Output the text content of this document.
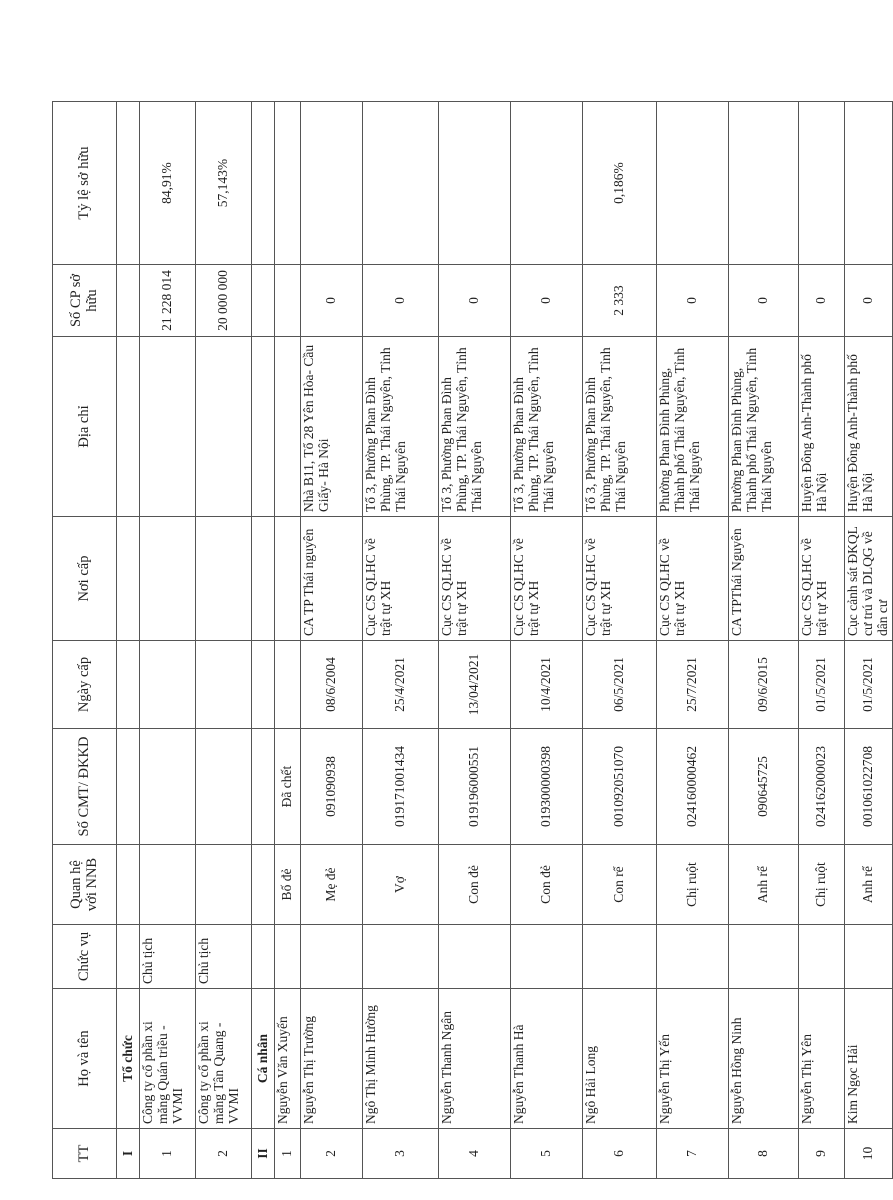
TT	Họ và tên	Chức vụ	Quan hệ với NNB	Số CMT/ ĐKKD	Ngày cấp	Nơi cấp	Địa chỉ	Số CP sở hữu	Tỷ lệ sở hữu
I	Tổ chức								
1	Công ty cổ phần xi măng Quán triều - VVMI	Chủ tịch						21 228 014	84,91%
2	Công ty cổ phần xi măng Tân Quang - VVMI	Chủ tịch						20 000 000	57,143%
II	Cá nhân								
1	Nguyễn Văn Xuyến		Bố đẻ	Đã chết					
2	Nguyễn Thị Trường		Mẹ đẻ	091090938	08/6/2004	CA TP Thái nguyên	Nhà B11, Tổ 28 Yên Hòa- Cầu Giấy- Hà Nội	0	
3	Ngô Thị Minh Hường		Vợ	019171001434	25/4/2021	Cục CS QLHC về trật tự XH	Tổ 3, Phường Phan Đình Phùng, TP. Thái Nguyên, Tỉnh Thái Nguyên	0	
4	Nguyễn Thanh Ngân		Con đẻ	019196000551	13/04/2021	Cục CS QLHC về trật tự XH	Tổ 3, Phường Phan Đình Phùng, TP. Thái Nguyên, Tỉnh Thái Nguyên	0	
5	Nguyễn Thanh Hà		Con đẻ	019300000398	10/4/2021	Cục CS QLHC về trật tự XH	Tổ 3, Phường Phan Đình Phùng, TP. Thái Nguyên, Tỉnh Thái Nguyên	0	
6	Ngô Hải Long		Con rể	001092051070	06/5/2021	Cục CS QLHC về trật tự XH	Tổ 3, Phường Phan Đình Phùng, TP. Thái Nguyên, Tỉnh Thái Nguyên	2 333	0,186%
7	Nguyễn Thị Yến		Chị ruột	024160000462	25/7/2021	Cục CS QLHC về trật tự XH	Phường Phan Đình Phùng, Thành phố Thái Nguyên, Tỉnh Thái Nguyên	0	
8	Nguyễn Hồng Ninh		Anh rể	090645725	09/6/2015	CA TPThái Nguyên	Phường Phan Đình Phùng, Thành phố Thái Nguyên, Tỉnh Thái Nguyên	0	
9	Nguyễn Thị Yên		Chị ruột	024162000023	01/5/2021	Cục CS QLHC về trật tự XH	Huyện Đông Anh-Thành phố Hà Nội	0	
10	Kim Ngọc Hải		Anh rể	001061022708	01/5/2021	Cục cảnh sát ĐKQL cư trú và DLQG về dân cư	Huyện Đông Anh-Thành phố Hà Nội	0	
